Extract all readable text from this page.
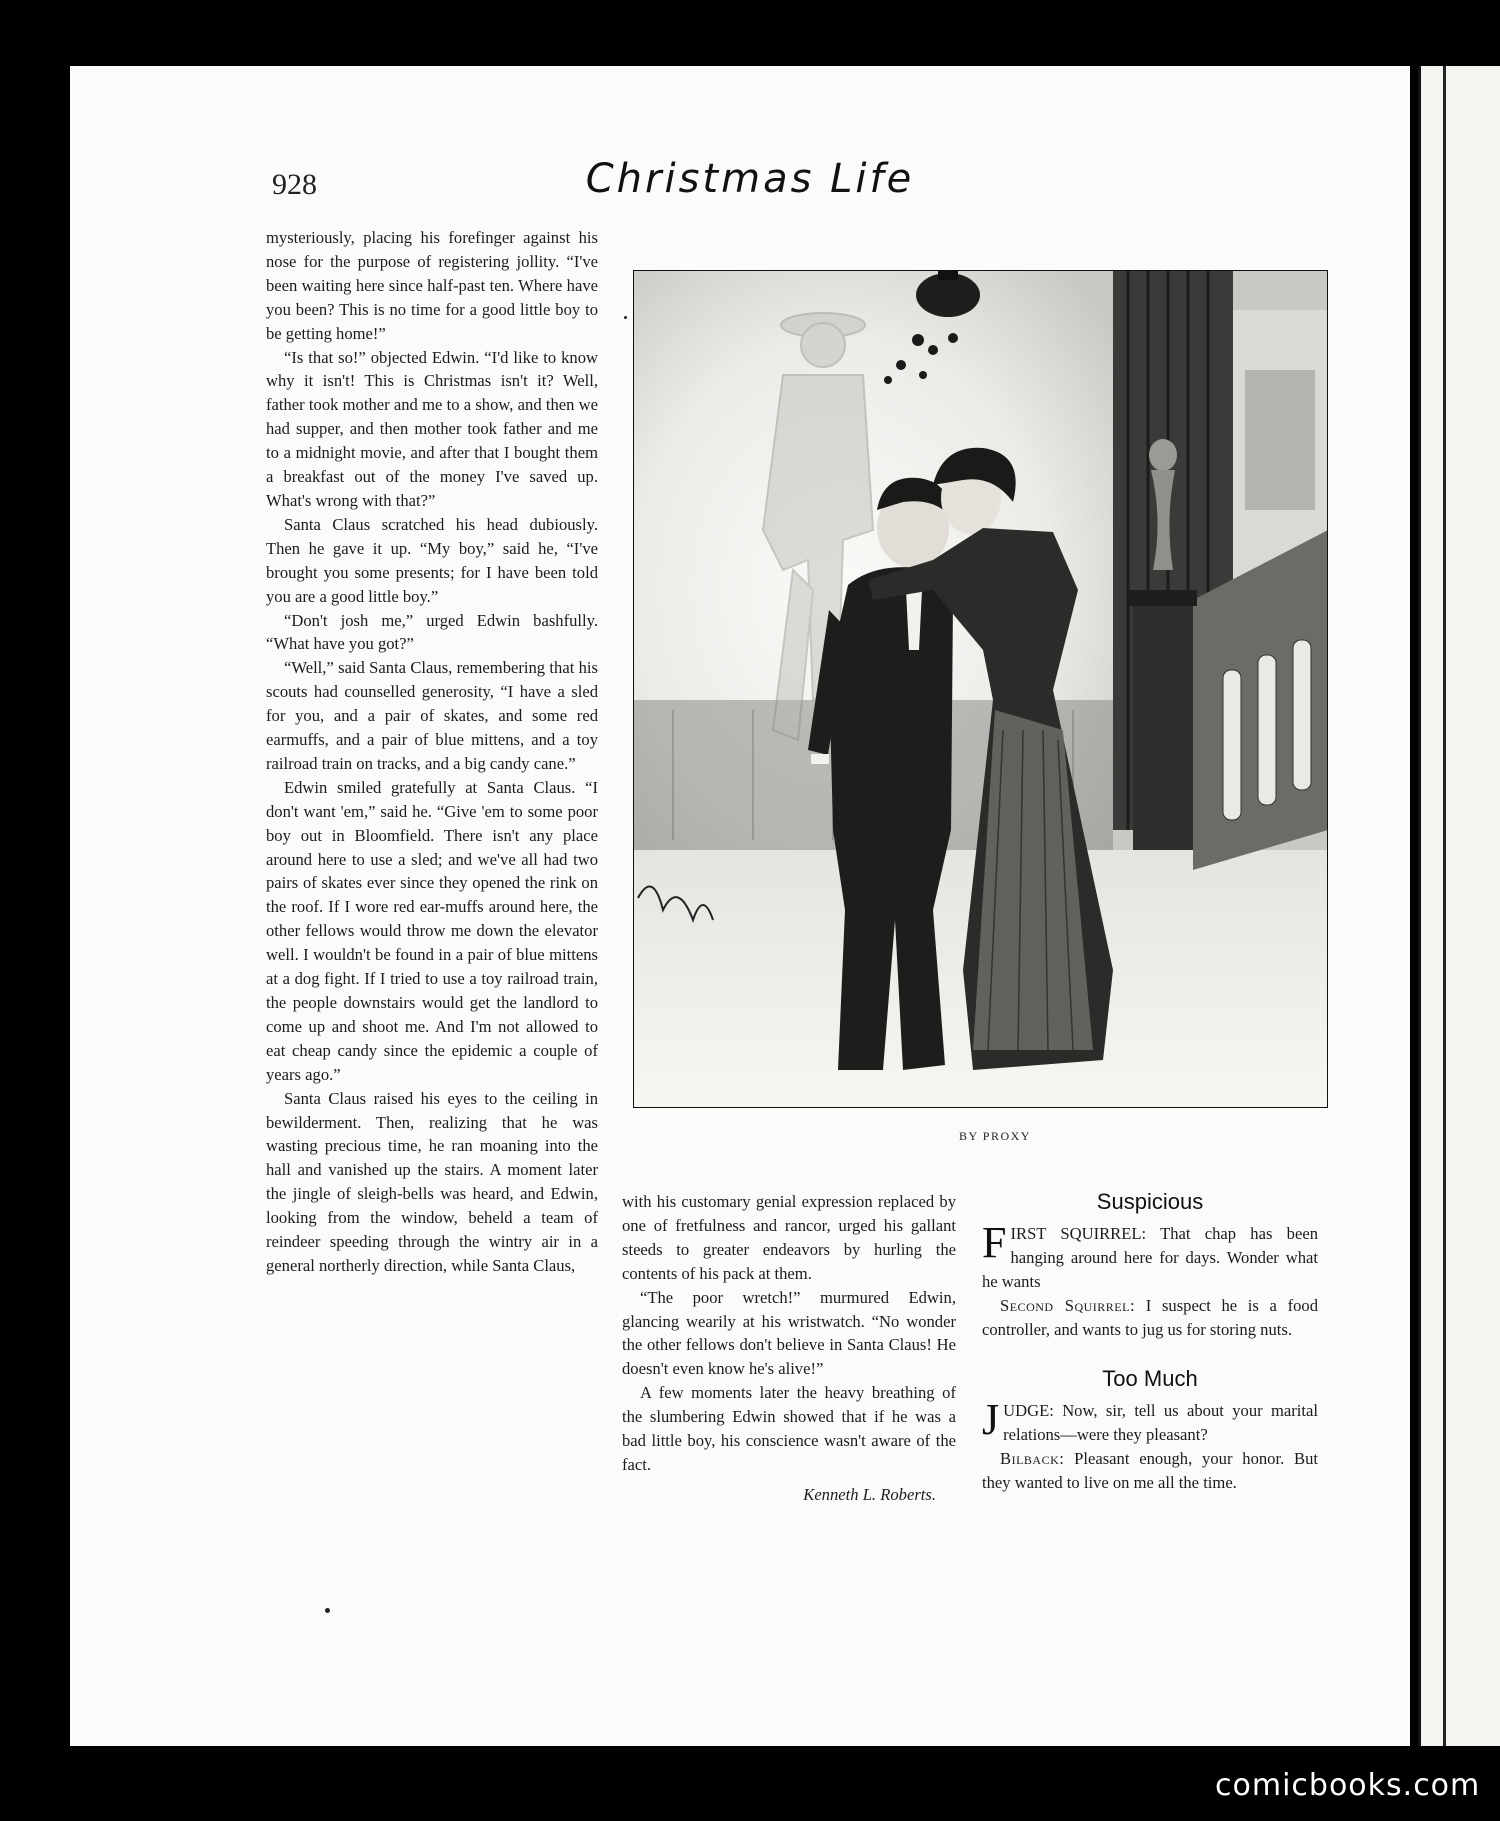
928	Christmas Life

mysteriously, placing his forefinger against his nose for the purpose of registering jollity. “I've been waiting here since half-past ten. Where have you been? This is no time for a good little boy to be getting home!”

“Is that so!” objected Edwin. “I'd like to know why it isn't! This is Christmas isn't it? Well, father took mother and me to a show, and then we had supper, and then mother took father and me to a midnight movie, and after that I bought them a breakfast out of the money I've saved up. What's wrong with that?”

Santa Claus scratched his head dubiously. Then he gave it up. “My boy,” said he, “I've brought you some presents; for I have been told you are a good little boy.”

“Don't josh me,” urged Edwin bashfully. “What have you got?”

“Well,” said Santa Claus, remembering that his scouts had counselled generosity, “I have a sled for you, and a pair of skates, and some red earmuffs, and a pair of blue mittens, and a toy railroad train on tracks, and a big candy cane.”

Edwin smiled gratefully at Santa Claus. “I don't want 'em,” said he. “Give 'em to some poor boy out in Bloomfield. There isn't any place around here to use a sled; and we've all had two pairs of skates ever since they opened the rink on the roof. If I wore red ear-muffs around here, the other fellows would throw me down the elevator well. I wouldn't be found in a pair of blue mittens at a dog fight. If I tried to use a toy railroad train, the people downstairs would get the landlord to come up and shoot me. And I'm not allowed to eat cheap candy since the epidemic a couple of years ago.”

Santa Claus raised his eyes to the ceiling in bewilderment. Then, realizing that he was wasting precious time, he ran moaning into the hall and vanished up the stairs. A moment later the jingle of sleigh-bells was heard, and Edwin, looking from the window, beheld a team of reindeer speeding through the wintry air in a general northerly direction, while Santa Claus,

BY PROXY

with his customary genial expression replaced by one of fretfulness and rancor, urged his gallant steeds to greater endeavors by hurling the contents of his pack at them.

“The poor wretch!” murmured Edwin, glancing wearily at his wristwatch. “No wonder the other fellows don't believe in Santa Claus! He doesn't even know he's alive!”

A few moments later the heavy breathing of the slumbering Edwin showed that if he was a bad little boy, his conscience wasn't aware of the fact.

Kenneth L. Roberts.
Suspicious

FIRST SQUIRREL: That chap has been hanging around here for days. Wonder what he wants

Second Squirrel: I suspect he is a food controller, and wants to jug us for storing nuts.

Too Much

JUDGE: Now, sir, tell us about your marital relations—were they pleasant?

Bilback: Pleasant enough, your honor. But they wanted to live on me all the time.

comicbooks.com
